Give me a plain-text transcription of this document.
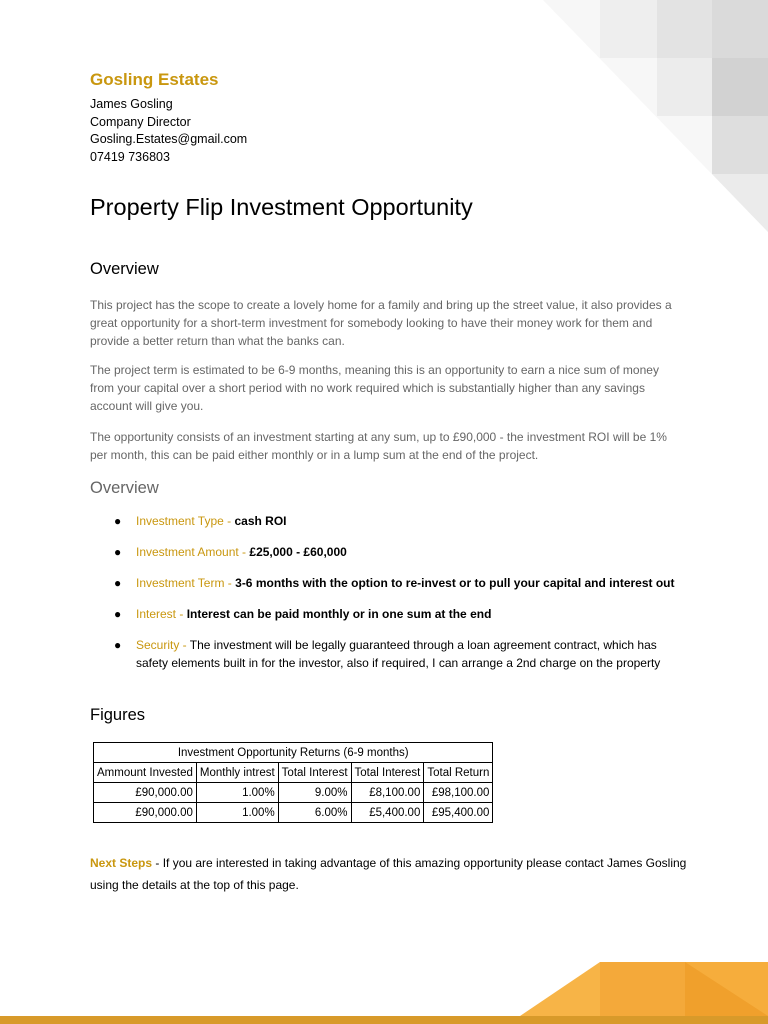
Gosling Estates
James Gosling
Company Director
Gosling.Estates@gmail.com
07419 736803
Property Flip Investment Opportunity
Overview
This project has the scope to create a lovely home for a family and bring up the street value, it also provides a great opportunity for a short-term investment for somebody looking to have their money work for them and provide a better return than what the banks can.
The project term is estimated to be 6-9 months, meaning this is an opportunity to earn a nice sum of money from your capital over a short period with no work required which is substantially higher than any savings account will give you.
The opportunity consists of an investment starting at any sum, up to £90,000 - the investment ROI will be 1% per month, this can be paid either monthly or in a lump sum at the end of the project.
Overview
● Investment Type - cash ROI
● Investment Amount - £25,000 - £60,000
● Investment Term - 3-6 months with the option to re-invest or to pull your capital and interest out
● Interest - Interest can be paid monthly or in one sum at the end
● Security - The investment will be legally guaranteed through a loan agreement contract, which has safety elements built in for the investor, also if required, I can arrange a 2nd charge on the property
Figures
Investment Opportunity Returns (6-9 months)				
Ammount Invested	Monthly intrest	Total Interest	Total Interest	Total Return
£90,000.00	1.00%	9.00%	£8,100.00	£98,100.00
£90,000.00	1.00%	6.00%	£5,400.00	£95,400.00
Next Steps - If you are interested in taking advantage of this amazing opportunity please contact James Gosling using the details at the top of this page.
